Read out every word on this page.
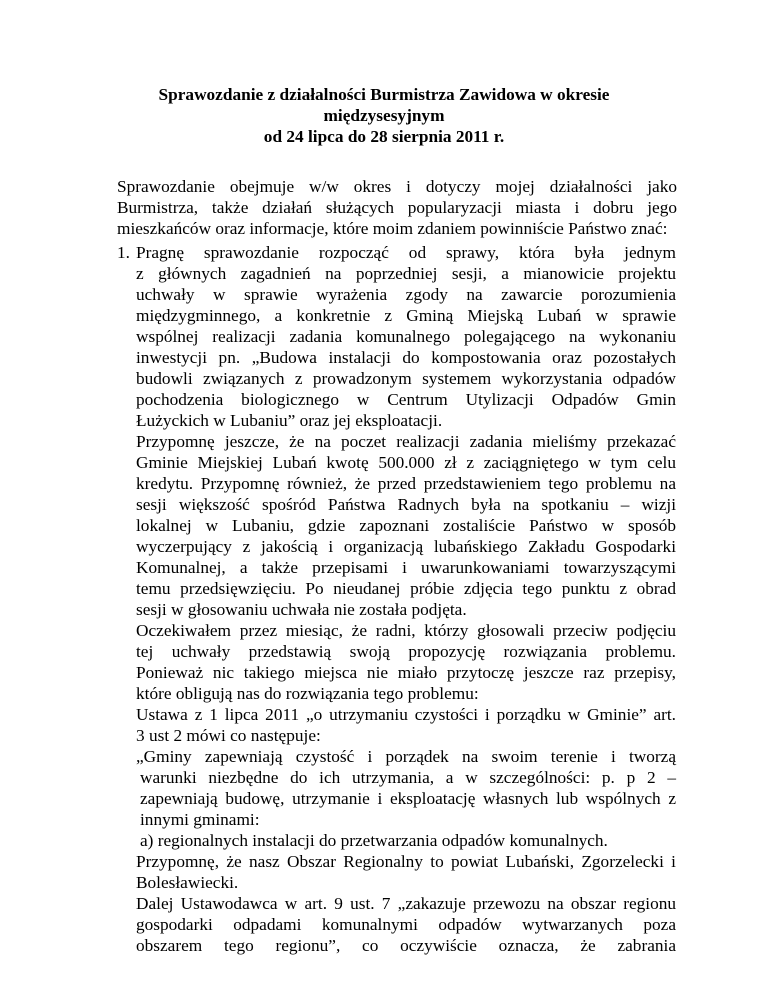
Sprawozdanie z działalności Burmistrza Zawidowa w okresie
międzysesyjnym
od 24 lipca do 28 sierpnia 2011 r.
Sprawozdanie obejmuje w/w okres i dotyczy mojej działalności jako
Burmistrza, także działań służących popularyzacji miasta i dobru jego
mieszkańców oraz informacje, które moim zdaniem powinniście Państwo znać:
1. Pragnę sprawozdanie rozpocząć od sprawy, która była jednym
z głównych zagadnień na poprzedniej sesji, a mianowicie projektu
uchwały w sprawie wyrażenia zgody na zawarcie porozumienia
międzygminnego, a konkretnie z Gminą Miejską Lubań w sprawie
wspólnej realizacji zadania komunalnego polegającego na wykonaniu
inwestycji pn. „Budowa instalacji do kompostowania oraz pozostałych
budowli związanych z prowadzonym systemem wykorzystania odpadów
pochodzenia biologicznego w Centrum Utylizacji Odpadów Gmin
Łużyckich w Lubaniu” oraz jej eksploatacji.
Przypomnę jeszcze, że na poczet realizacji zadania mieliśmy przekazać
Gminie Miejskiej Lubań kwotę 500.000 zł z zaciągniętego w tym celu
kredytu. Przypomnę również, że przed przedstawieniem tego problemu na
sesji większość spośród Państwa Radnych była na spotkaniu – wizji
lokalnej w Lubaniu, gdzie zapoznani zostaliście Państwo w sposób
wyczerpujący z jakością i organizacją lubańskiego Zakładu Gospodarki
Komunalnej, a także przepisami i uwarunkowaniami towarzyszącymi
temu przedsięwzięciu. Po nieudanej próbie zdjęcia tego punktu z obrad
sesji w głosowaniu uchwała nie została podjęta.
Oczekiwałem przez miesiąc, że radni, którzy głosowali przeciw podjęciu
tej uchwały przedstawią swoją propozycję rozwiązania problemu.
Ponieważ nic takiego miejsca nie miało przytoczę jeszcze raz przepisy,
które obligują nas do rozwiązania tego problemu:
Ustawa z 1 lipca 2011 „o utrzymaniu czystości i porządku w Gminie” art.
3 ust 2 mówi co następuje:
„Gminy zapewniają czystość i porządek na swoim terenie i tworzą
warunki niezbędne do ich utrzymania, a w szczególności: p. p 2 –
zapewniają budowę, utrzymanie i eksploatację własnych lub wspólnych z
innymi gminami:
a) regionalnych instalacji do przetwarzania odpadów komunalnych.
Przypomnę, że nasz Obszar Regionalny to powiat Lubański, Zgorzelecki i
Bolesławiecki.
Dalej Ustawodawca w art. 9 ust. 7 „zakazuje przewozu na obszar regionu
gospodarki odpadami komunalnymi odpadów wytwarzanych poza
obszarem tego regionu”, co oczywiście oznacza, że zabrania
